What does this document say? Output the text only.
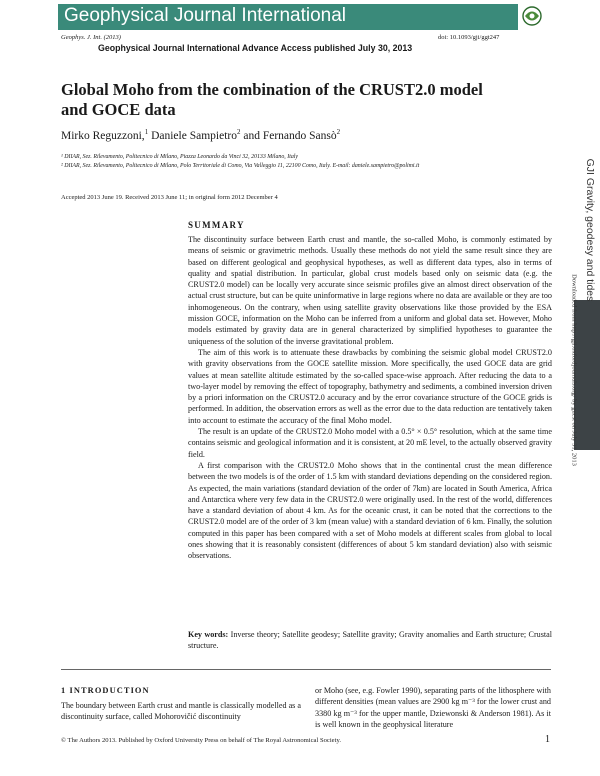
Geophysical Journal International
Geophys. J. Int. (2013)	doi: 10.1093/gji/ggt247
Geophysical Journal International Advance Access published July 30, 2013
Global Moho from the combination of the CRUST2.0 model and GOCE data
Mirko Reguzzoni,$^1$ Daniele Sampietro$^2$ and Fernando Sansò$^2$
¹ DIIAR, Sez. Rilevamento, Politecnico di Milano, Piazza Leonardo da Vinci 32, 20133 Milano, Italy
² DIIAR, Sez. Rilevamento, Politecnico di Milano, Polo Territoriale di Como, Via Valleggio 11, 22100 Como, Italy. E-mail: daniele.sampietro@polimi.it
Accepted 2013 June 19. Received 2013 June 11; in original form 2012 December 4
SUMMARY

The discontinuity surface between Earth crust and mantle, the so-called Moho, is commonly estimated by means of seismic or gravimetric methods. Usually these methods do not yield the same result since they are based on different geological and geophysical hypotheses, as well as different data types, also in terms of quality and spatial distribution. In particular, global crust models based only on seismic data (e.g. the CRUST2.0 model) can be locally very accurate since seismic profiles give an almost direct observation of the actual crust structure, but can be quite uninformative in large regions where no data are available or they are too inhomogeneous. On the contrary, when using satellite gravity observations like those provided by the ESA mission GOCE, information on the Moho can be inferred from a uniform and global data set. However, Moho models estimated by gravity data are in general characterized by simplified hypotheses to guarantee the uniqueness of the solution of the inverse gravitational problem.

The aim of this work is to attenuate these drawbacks by combining the seismic global model CRUST2.0 with gravity observations from the GOCE satellite mission. More specifically, the used GOCE data are grid values at mean satellite altitude estimated by the so-called space-wise approach. After reducing the data to a two-layer model by removing the effect of topography, bathymetry and sediments, a combined inversion driven by a priori information on the CRUST2.0 accuracy and by the error covariance structure of the GOCE grids is performed. In addition, the observation errors as well as the error due to the data reduction are tentatively taken into account to estimate the accuracy of the final Moho model.

The result is an update of the CRUST2.0 Moho model with a 0.5° × 0.5° resolution, which at the same time contains seismic and geological information and it is consistent, at 20 mE level, to the actually observed gravity field.

A first comparison with the CRUST2.0 Moho shows that in the continental crust the mean difference between the two models is of the order of 1.5 km with standard deviations depending on the considered region. As expected, the main variations (standard deviation of the order of 7km) are located in South America, Africa and Antarctica where very few data in the CRUST2.0 were originally used. In the rest of the world, differences have a standard deviation of about 4 km. As for the oceanic crust, it can be noted that the corrections to the CRUST2.0 model are of the order of 3 km (mean value) with a standard deviation of 6 km. Finally, the solution computed in this paper has been compared with a set of Moho models at different scales from global to local ones showing that it is reasonably consistent (differences of about 5 km standard deviation) also with seismic observations.

Key words: Inverse theory; Satellite geodesy; Satellite gravity; Gravity anomalies and Earth structure; Crustal structure.
1 INTRODUCTION
The boundary between Earth crust and mantle is classically modelled as a discontinuity surface, called Mohorovičić discontinuity
or Moho (see, e.g. Fowler 1990), separating parts of the lithosphere with different densities (mean values are 2900 kg m⁻³ for the lower crust and 3380 kg m⁻³ for the upper mantle, Dziewonski & Anderson 1981). As it is well known in the geophysical literature
© The Authors 2013. Published by Oxford University Press on behalf of The Royal Astronomical Society.	1
GJI Gravity, geodesy and tides
Downloaded from http://gji.oxfordjournals.org/ by guest on July 31, 2013
